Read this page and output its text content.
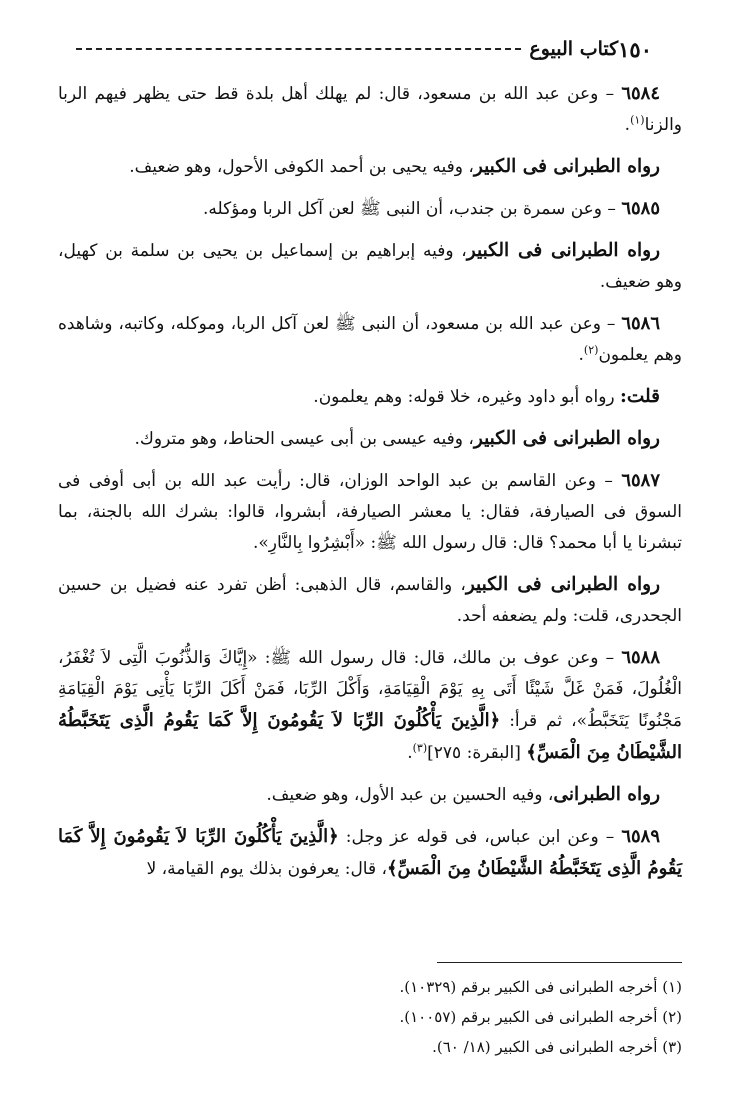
١٥٠
كتاب البيوع

٦٥٨٤ – وعن عبد الله بن مسعود، قال: لم يهلك أهل بلدة قط حتى يظهر فيهم الربا والزنا$^{(١)}$.

رواه الطبرانى فى الكبير، وفيه يحيى بن أحمد الكوفى الأحول، وهو ضعيف.

٦٥٨٥ – وعن سمرة بن جندب، أن النبى ﷺ لعن آكل الربا ومؤكله.

رواه الطبرانى فى الكبير، وفيه إبراهيم بن إسماعيل بن يحيى بن سلمة بن كهيل، وهو ضعيف.

٦٥٨٦ – وعن عبد الله بن مسعود، أن النبى ﷺ لعن آكل الربا، وموكله، وكاتبه، وشاهده وهم يعلمون$^{(٢)}$.

قلت: رواه أبو داود وغيره، خلا قوله: وهم يعلمون.

رواه الطبرانى فى الكبير، وفيه عيسى بن أبى عيسى الحناط، وهو متروك.

٦٥٨٧ – وعن القاسم بن عبد الواحد الوزان، قال: رأيت عبد الله بن أبى أوفى فى السوق فى الصيارفة، فقال: يا معشر الصيارفة، أبشروا، قالوا: بشرك الله بالجنة، بما تبشرنا يا أبا محمد؟ قال: قال رسول الله ﷺ: «أَبْشِرُوا بِالنَّارِ».

رواه الطبرانى فى الكبير، والقاسم، قال الذهبى: أظن تفرد عنه فضيل بن حسين الجحدرى، قلت: ولم يضعفه أحد.

٦٥٨٨ – وعن عوف بن مالك، قال: قال رسول الله ﷺ: «إِيَّاكَ وَالذُّنُوبَ الَّتِى لاَ تُغْفَرُ، الْغُلُولَ، فَمَنْ غَلَّ شَيْئًا أَتَى بِهِ يَوْمَ الْقِيَامَةِ، وَأَكْلَ الرِّبَا، فَمَنْ أَكَلَ الرِّبَا يَأْتِى يَوْمَ الْقِيَامَةِ مَجْنُونًا يَتَخَبَّطُ»، ثم قرأ: ﴿الَّذِينَ يَأْكُلُونَ الرِّبَا لاَ يَقُومُونَ إِلاَّ كَمَا يَقُومُ الَّذِى يَتَخَبَّطُهُ الشَّيْطَانُ مِنَ الْمَسِّ﴾ [البقرة: ٢٧٥]$^{(٣)}$.

رواه الطبرانى، وفيه الحسين بن عبد الأول، وهو ضعيف.

٦٥٨٩ – وعن ابن عباس، فى قوله عز وجل: ﴿الَّذِينَ يَأْكُلُونَ الرِّبَا لاَ يَقُومُونَ إِلاَّ كَمَا يَقُومُ الَّذِى يَتَخَبَّطُهُ الشَّيْطَانُ مِنَ الْمَسِّ﴾، قال: يعرفون بذلك يوم القيامة، لا

(١) أخرجه الطبرانى فى الكبير برقم (١٠٣٢٩).
(٢) أخرجه الطبرانى فى الكبير برقم (١٠٠٥٧).
(٣) أخرجه الطبرانى فى الكبير (١٨/ ٦٠).
